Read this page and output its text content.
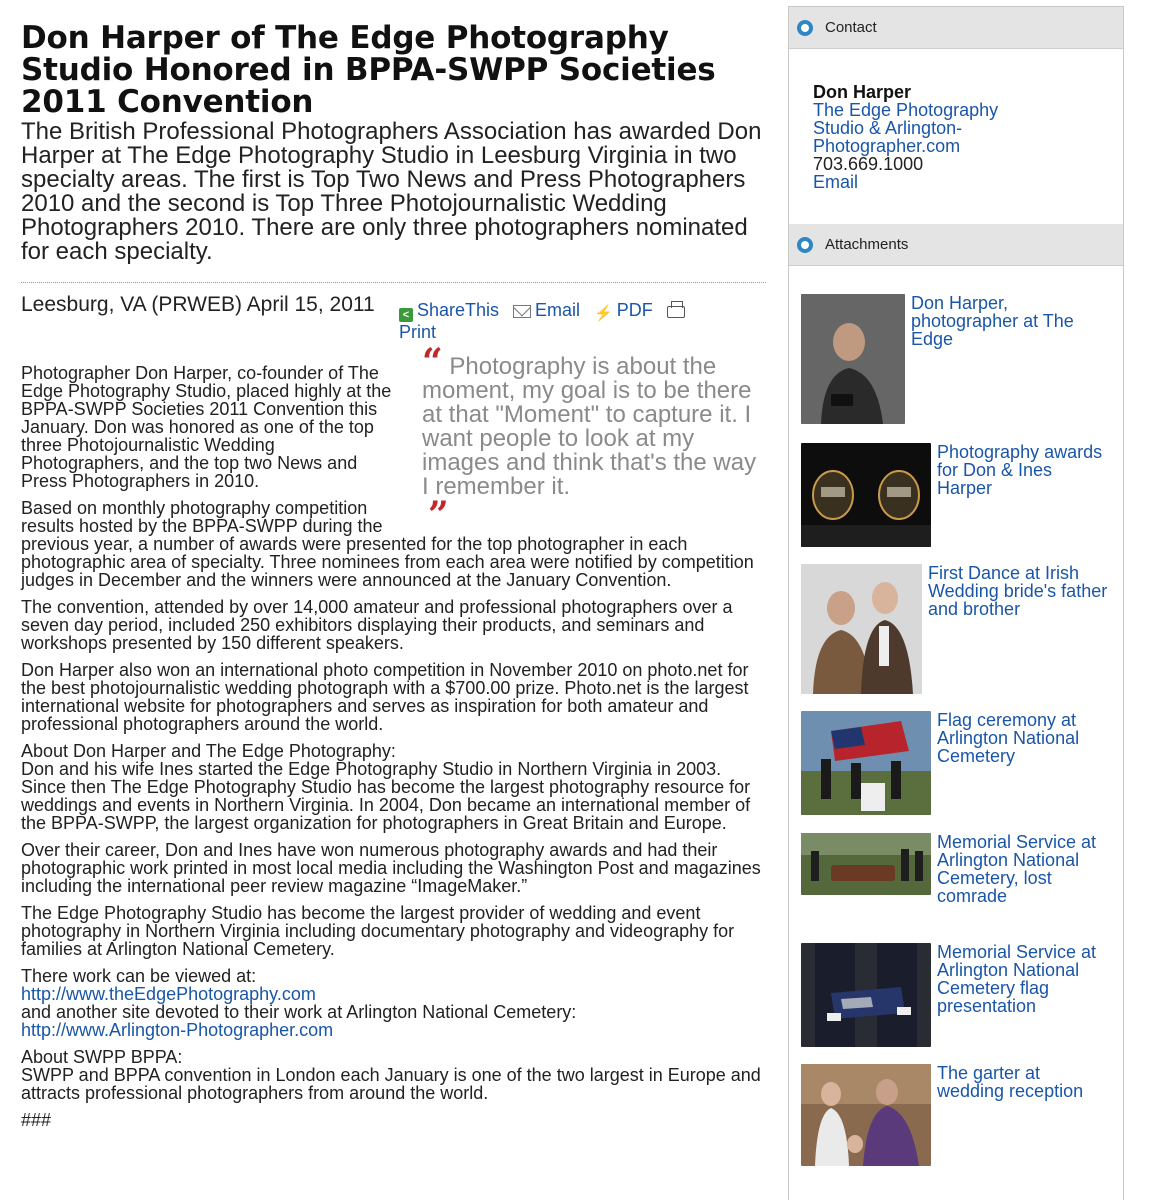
Don Harper of The Edge Photography Studio Honored in BPPA-SWPP Societies 2011 Convention
The British Professional Photographers Association has awarded Don Harper at The Edge Photography Studio in Leesburg Virginia in two specialty areas. The first is Top Two News and Press Photographers 2010 and the second is Top Three Photojournalistic Wedding Photographers 2010. There are only three photographers nominated for each specialty.
Leesburg, VA (PRWEB) April 15, 2011	< ShareThis Email ⚡ PDF
Print
“ Photography is about the moment, my goal is to be there at that "Moment" to capture it. I want people to look at my images and think that's the way I remember it.
”

Photographer Don Harper, co-founder of The Edge Photography Studio, placed highly at the BPPA-SWPP Societies 2011 Convention this January. Don was honored as one of the top three Photojournalistic Wedding Photographers, and the top two News and Press Photographers in 2010.

Based on monthly photography competition results hosted by the BPPA-SWPP during the previous year, a number of awards were presented for the top photographer in each photographic area of specialty. Three nominees from each area were notified by competition judges in December and the winners were announced at the January Convention.

The convention, attended by over 14,000 amateur and professional photographers over a seven day period, included 250 exhibitors displaying their products, and seminars and workshops presented by 150 different speakers.

Don Harper also won an international photo competition in November 2010 on photo.net for the best photojournalistic wedding photograph with a $700.00 prize. Photo.net is the largest international website for photographers and serves as inspiration for both amateur and professional photographers around the world.

About Don Harper and The Edge Photography:
Don and his wife Ines started the Edge Photography Studio in Northern Virginia in 2003. Since then The Edge Photography Studio has become the largest photography resource for weddings and events in Northern Virginia. In 2004, Don became an international member of the BPPA-SWPP, the largest organization for photographers in Great Britain and Europe.

Over their career, Don and Ines have won numerous photography awards and had their photographic work printed in most local media including the Washington Post and magazines including the international peer review magazine “ImageMaker.”

The Edge Photography Studio has become the largest provider of wedding and event photography in Northern Virginia including documentary photography and videography for families at Arlington National Cemetery.

There work can be viewed at:
http://www.theEdgePhotography.com
and another site devoted to their work at Arlington National Cemetery:
http://www.Arlington-Photographer.com

About SWPP BPPA:
SWPP and BPPA convention in London each January is one of the two largest in Europe and attracts professional photographers from around the world.

###

Contact
Don Harper
The Edge Photography Studio & Arlington-Photographer.com
703.669.1000
Email
Attachments
Don Harper, photographer at The Edge
Photography awards for Don & Ines Harper
First Dance at Irish Wedding bride's father and brother
Flag ceremony at Arlington National Cemetery
Memorial Service at Arlington National Cemetery, lost comrade
Memorial Service at Arlington National Cemetery flag presentation
The garter at wedding reception
